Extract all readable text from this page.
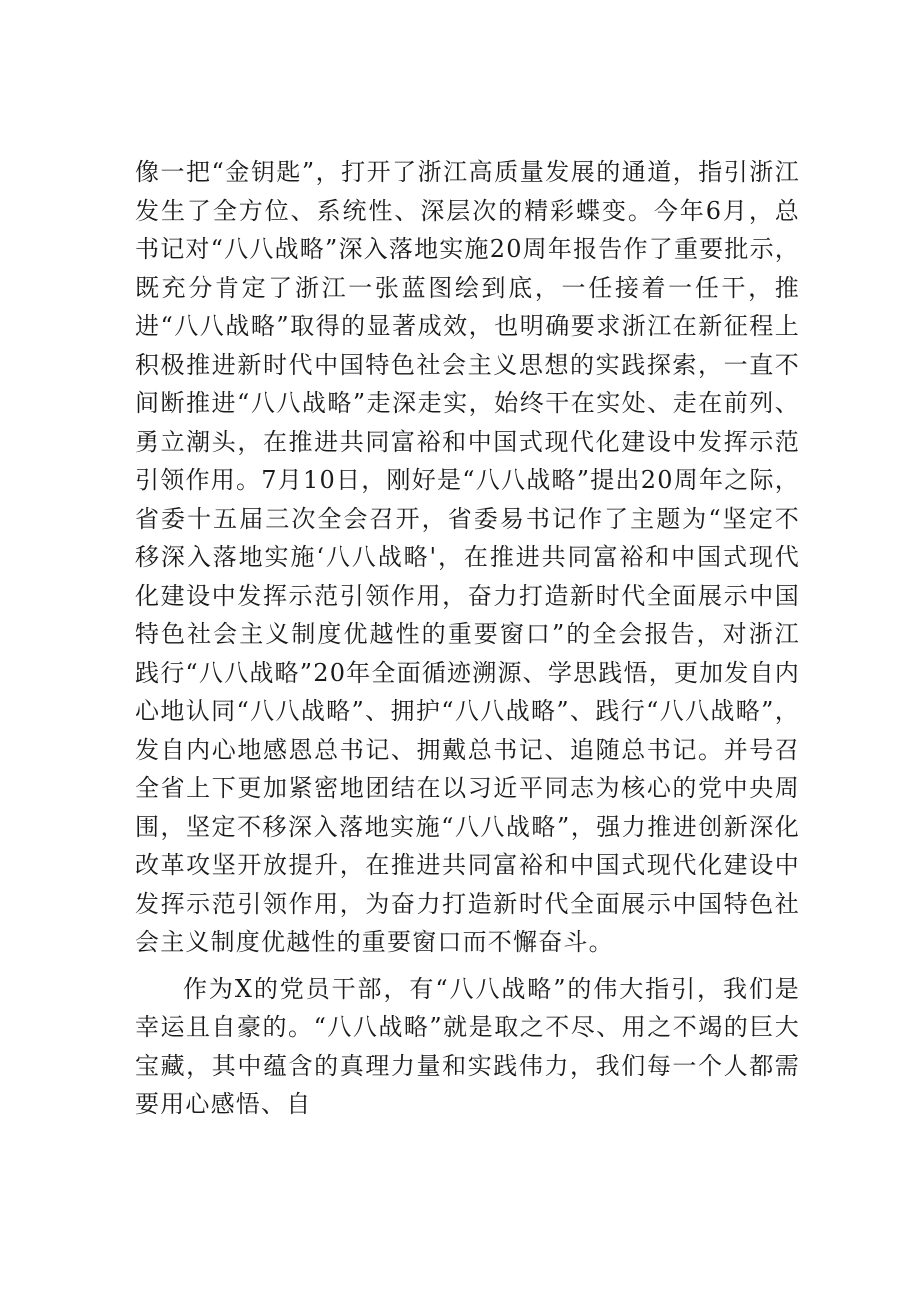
像一把“金钥匙”，打开了浙江高质量发展的通道，指引浙江发生了全方位、系统性、深层次的精彩蝶变。今年6月，总书记对“八八战略”深入落地实施20周年报告作了重要批示，既充分肯定了浙江一张蓝图绘到底，一任接着一任干，推进“八八战略”取得的显著成效，也明确要求浙江在新征程上积极推进新时代中国特色社会主义思想的实践探索，一直不间断推进“八八战略”走深走实，始终干在实处、走在前列、勇立潮头，在推进共同富裕和中国式现代化建设中发挥示范引领作用。7月10日，刚好是“八八战略”提出20周年之际，省委十五届三次全会召开，省委易书记作了主题为“坚定不移深入落地实施‘八八战略'，在推进共同富裕和中国式现代化建设中发挥示范引领作用，奋力打造新时代全面展示中国特色社会主义制度优越性的重要窗口”的全会报告，对浙江践行“八八战略”20年全面循迹溯源、学思践悟，更加发自内心地认同“八八战略”、拥护“八八战略”、践行“八八战略”，发自内心地感恩总书记、拥戴总书记、追随总书记。并号召全省上下更加紧密地团结在以习近平同志为核心的党中央周围，坚定不移深入落地实施“八八战略”，强力推进创新深化改革攻坚开放提升，在推进共同富裕和中国式现代化建设中发挥示范引领作用，为奋力打造新时代全面展示中国特色社会主义制度优越性的重要窗口而不懈奋斗。

作为X的党员干部，有“八八战略”的伟大指引，我们是幸运且自豪的。“八八战略”就是取之不尽、用之不竭的巨大宝藏，其中蕴含的真理力量和实践伟力，我们每一个人都需要用心感悟、自
